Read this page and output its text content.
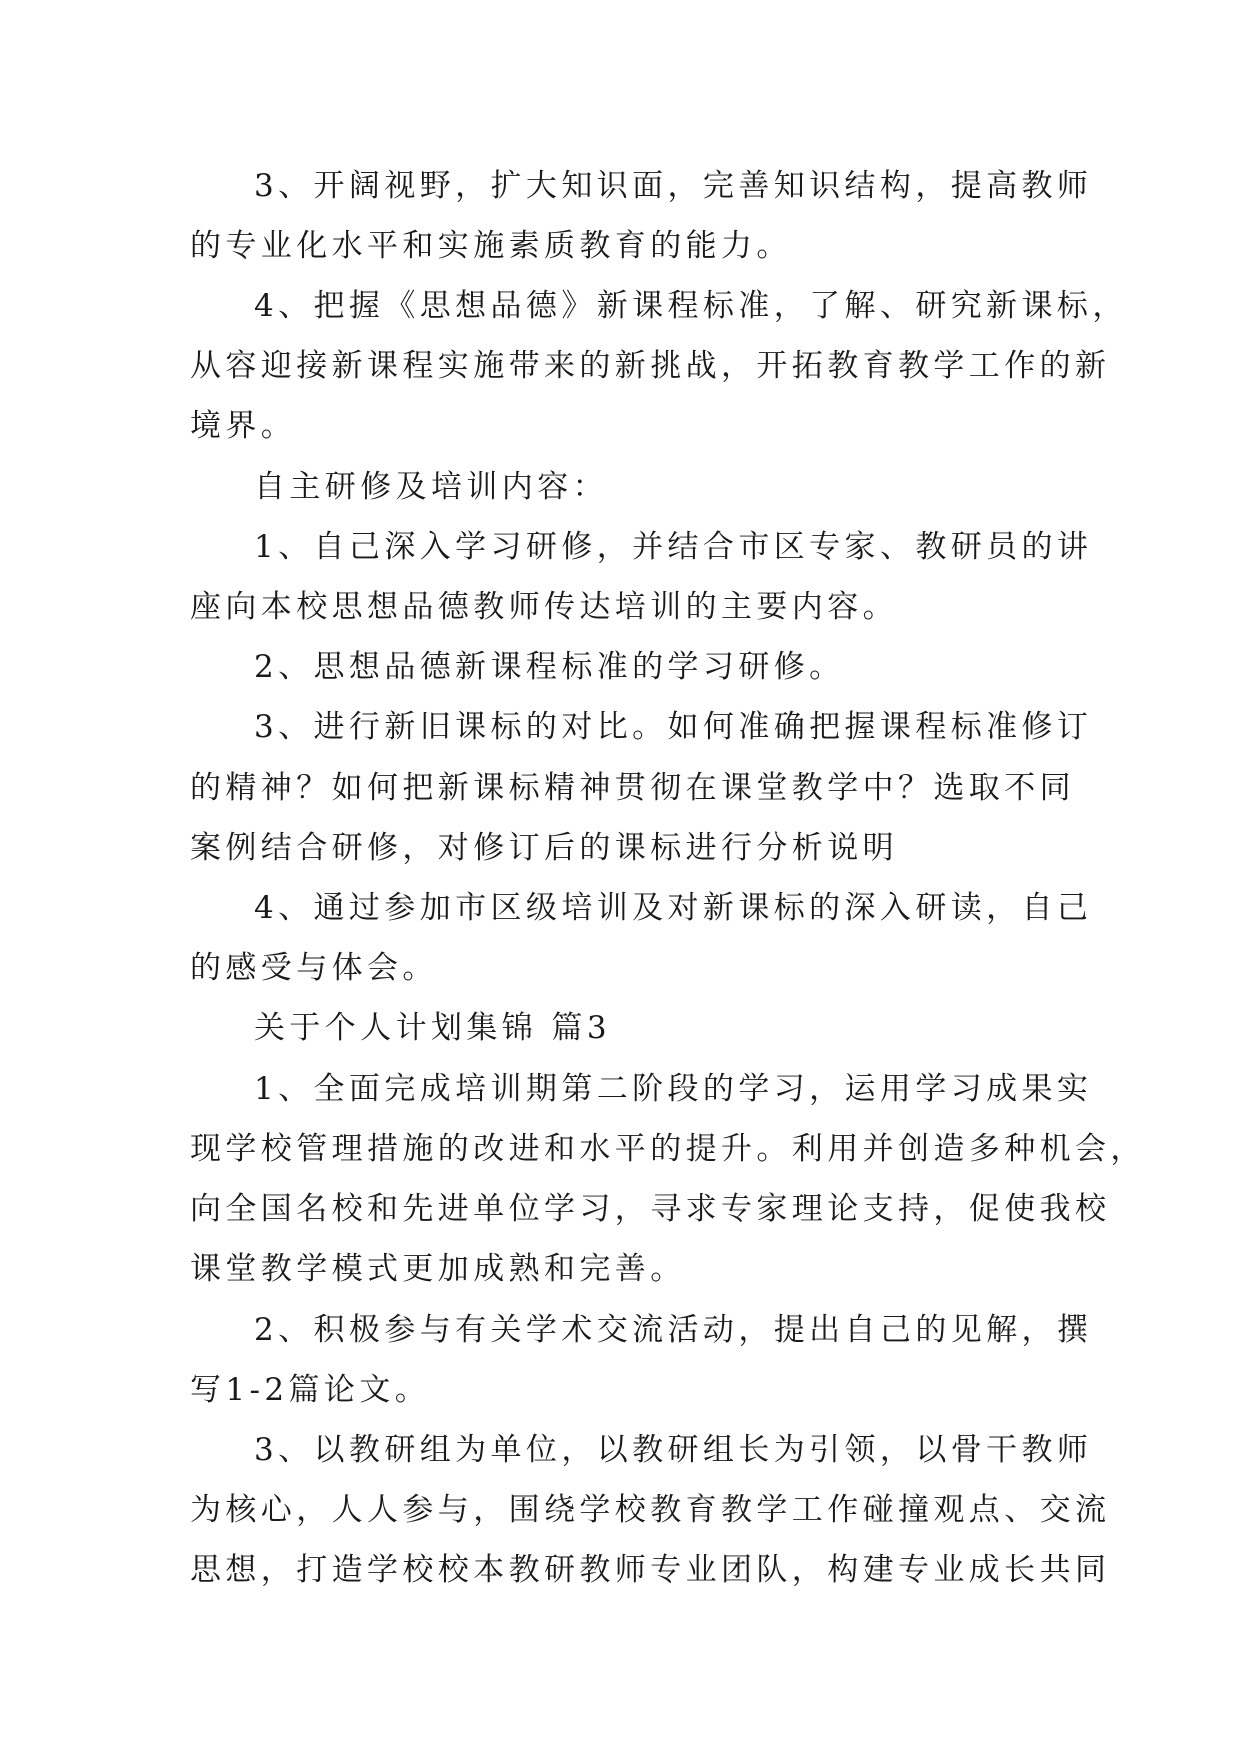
3、开阔视野，扩大知识面，完善知识结构，提高教师
的专业化水平和实施素质教育的能力。
4、把握《思想品德》新课程标准，了解、研究新课标，
从容迎接新课程实施带来的新挑战，开拓教育教学工作的新
境界。
自主研修及培训内容：
1、自己深入学习研修，并结合市区专家、教研员的讲
座向本校思想品德教师传达培训的主要内容。
2、思想品德新课程标准的学习研修。
3、进行新旧课标的对比。如何准确把握课程标准修订
的精神？如何把新课标精神贯彻在课堂教学中？选取不同
案例结合研修，对修订后的课标进行分析说明
4、通过参加市区级培训及对新课标的深入研读，自己
的感受与体会。
关于个人计划集锦 篇3
1、全面完成培训期第二阶段的学习，运用学习成果实
现学校管理措施的改进和水平的提升。利用并创造多种机会，
向全国名校和先进单位学习，寻求专家理论支持，促使我校
课堂教学模式更加成熟和完善。
2、积极参与有关学术交流活动，提出自己的见解，撰
写1-2篇论文。
3、以教研组为单位，以教研组长为引领，以骨干教师
为核心，人人参与，围绕学校教育教学工作碰撞观点、交流
思想，打造学校校本教研教师专业团队，构建专业成长共同
